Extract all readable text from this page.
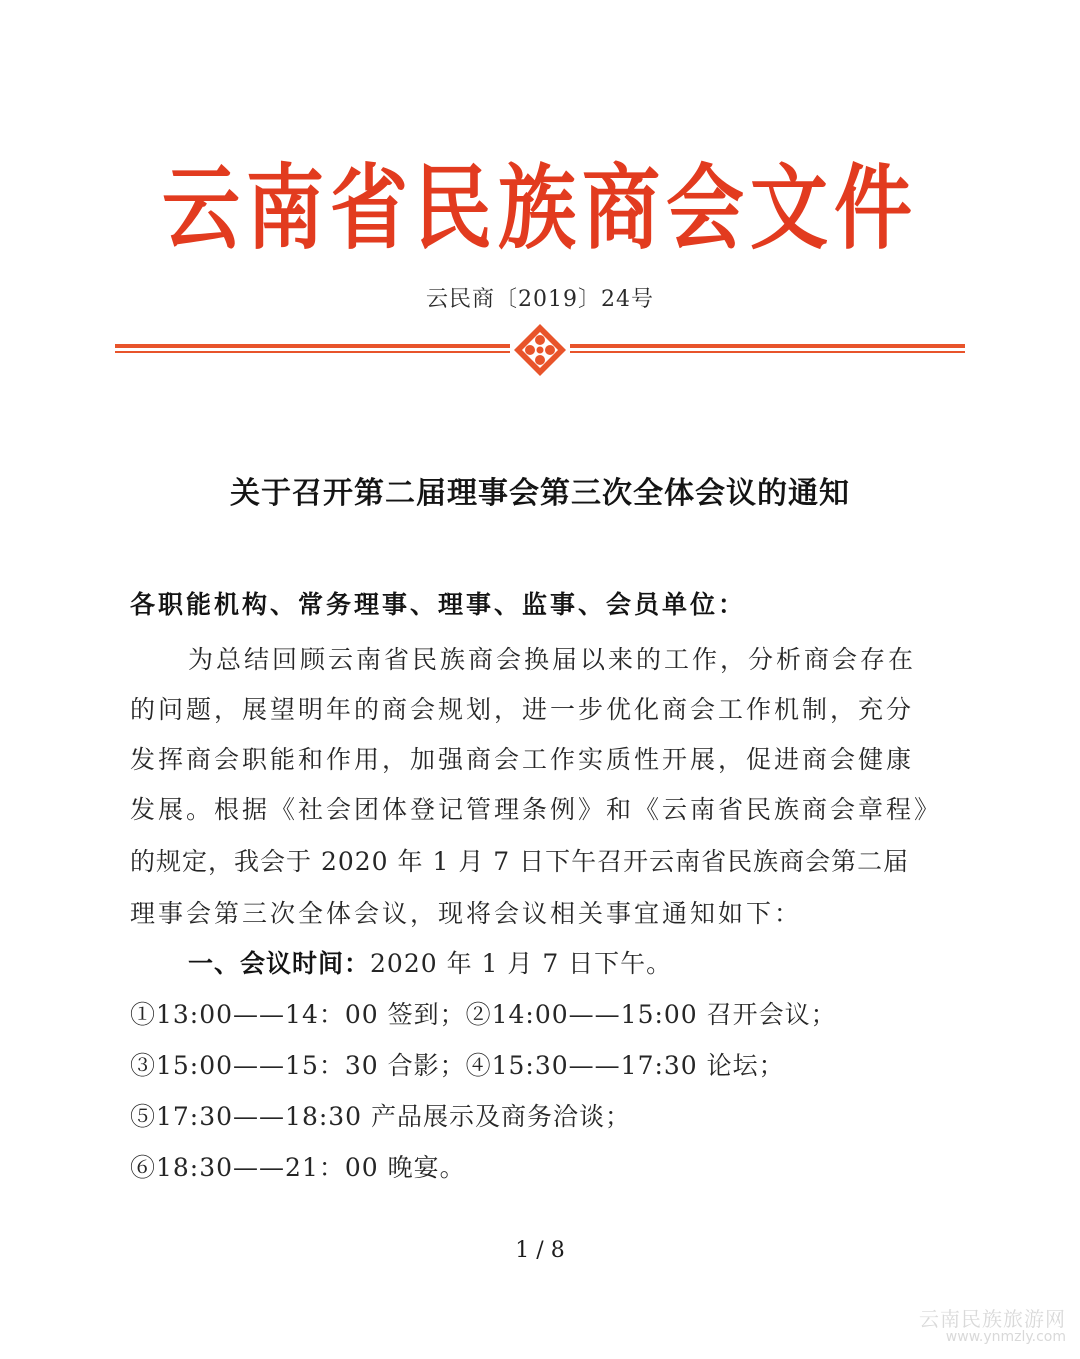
云南省民族商会文件
云民商〔2019〕24号
关于召开第二届理事会第三次全体会议的通知
各职能机构、常务理事、理事、监事、会员单位：
为总结回顾云南省民族商会换届以来的工作，分析商会存在
的问题，展望明年的商会规划，进一步优化商会工作机制，充分
发挥商会职能和作用，加强商会工作实质性开展，促进商会健康
发展。根据《社会团体登记管理条例》和《云南省民族商会章程》
的规定，我会于 2020 年 1 月 7 日下午召开云南省民族商会第二届
理事会第三次全体会议，现将会议相关事宜通知如下：
一、会议时间：2020 年 1 月 7 日下午。
①13:00——14：00 签到；②14:00——15:00 召开会议；
③15:00——15：30 合影；④15:30——17:30 论坛；
⑤17:30——18:30 产品展示及商务洽谈；
⑥18:30——21：00 晚宴。
1 / 8
云南民族旅游网
www.ynmzly.com
